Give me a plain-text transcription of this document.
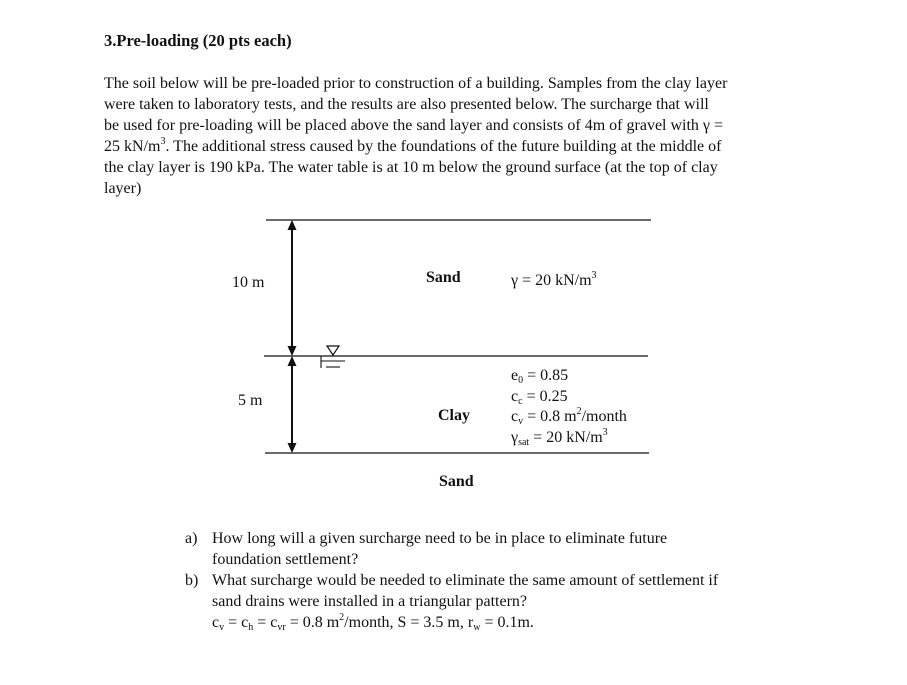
3.Pre-loading (20 pts each)
The soil below will be pre-loaded prior to construction of a building. Samples from the clay layer
were taken to laboratory tests, and the results are also presented below. The surcharge that will
be used for pre-loading will be placed above the sand layer and consists of 4m of gravel with γ =
25 $kN/m^3$. The additional stress caused by the foundations of the future building at the middle of
the clay layer is 190 kPa. The water table is at 10 m below the ground surface (at the top of clay
layer)
10 m	Sand	γ = 20 $kN/m^3$
5 m
Clay
$e_0 = 0.85$
$c_c = 0.25$
$c_v = 0.8$ $m^2$/month
$\gamma_{sat} = 20$ $kN/m^3$
Sand
a) How long will a given surcharge need to be in place to eliminate future
foundation settlement?
b) What surcharge would be needed to eliminate the same amount of settlement if
sand drains were installed in a triangular pattern?
$c_v = c_h = c_{vr} = 0.8$ $m^2$/month, S = 3.5 m, $r_w = 0.1m$.
